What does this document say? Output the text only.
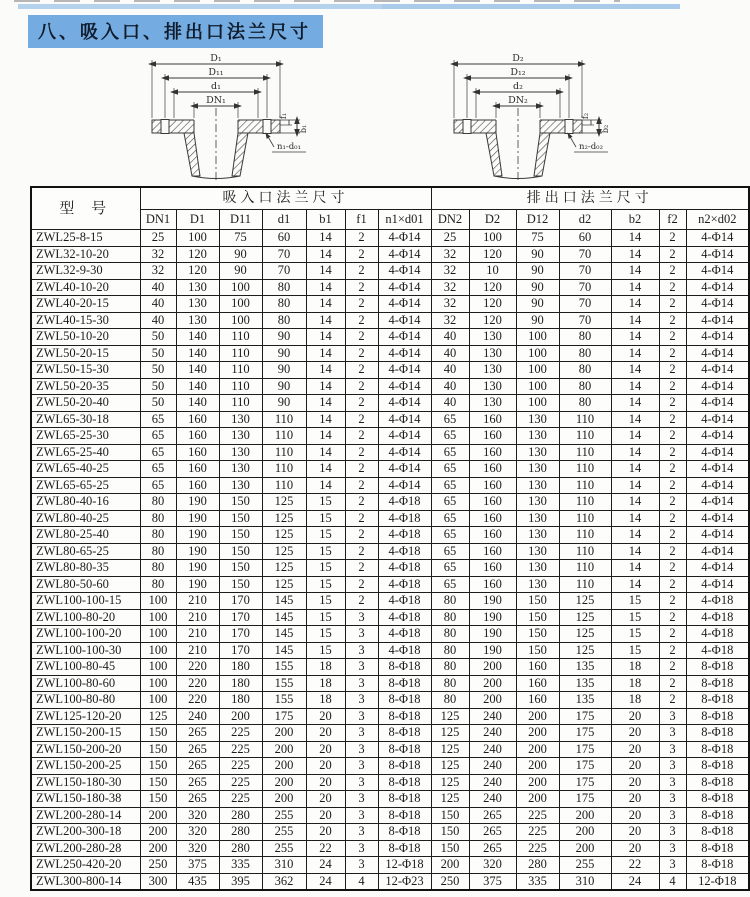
八、吸入口、排出口法兰尺寸
D₁
D₁₁
d₁
DN₁
f₁
b₁
n₁-d₀₁
D₂
D₁₂
d₂
DN₂
f₂
b₂
n₂-d₀₂
型 号	吸入口法兰尺寸							排出口法兰尺寸						
	DN1	D1	D11	d1	b1	f1	n1×d01	DN2	D2	D12	d2	b2	f2	n2×d02
ZWL25-8-15	25	100	75	60	14	2	4-Φ14	25	100	75	60	14	2	4-Φ14
ZWL32-10-20	32	120	90	70	14	2	4-Φ14	32	120	90	70	14	2	4-Φ14
ZWL32-9-30	32	120	90	70	14	2	4-Φ14	32	10	90	70	14	2	4-Φ14
ZWL40-10-20	40	130	100	80	14	2	4-Φ14	32	120	90	70	14	2	4-Φ14
ZWL40-20-15	40	130	100	80	14	2	4-Φ14	32	120	90	70	14	2	4-Φ14
ZWL40-15-30	40	130	100	80	14	2	4-Φ14	32	120	90	70	14	2	4-Φ14
ZWL50-10-20	50	140	110	90	14	2	4-Φ14	40	130	100	80	14	2	4-Φ14
ZWL50-20-15	50	140	110	90	14	2	4-Φ14	40	130	100	80	14	2	4-Φ14
ZWL50-15-30	50	140	110	90	14	2	4-Φ14	40	130	100	80	14	2	4-Φ14
ZWL50-20-35	50	140	110	90	14	2	4-Φ14	40	130	100	80	14	2	4-Φ14
ZWL50-20-40	50	140	110	90	14	2	4-Φ14	40	130	100	80	14	2	4-Φ14
ZWL65-30-18	65	160	130	110	14	2	4-Φ14	65	160	130	110	14	2	4-Φ14
ZWL65-25-30	65	160	130	110	14	2	4-Φ14	65	160	130	110	14	2	4-Φ14
ZWL65-25-40	65	160	130	110	14	2	4-Φ14	65	160	130	110	14	2	4-Φ14
ZWL65-40-25	65	160	130	110	14	2	4-Φ14	65	160	130	110	14	2	4-Φ14
ZWL65-65-25	65	160	130	110	14	2	4-Φ14	65	160	130	110	14	2	4-Φ14
ZWL80-40-16	80	190	150	125	15	2	4-Φ18	65	160	130	110	14	2	4-Φ14
ZWL80-40-25	80	190	150	125	15	2	4-Φ18	65	160	130	110	14	2	4-Φ14
ZWL80-25-40	80	190	150	125	15	2	4-Φ18	65	160	130	110	14	2	4-Φ14
ZWL80-65-25	80	190	150	125	15	2	4-Φ18	65	160	130	110	14	2	4-Φ14
ZWL80-80-35	80	190	150	125	15	2	4-Φ18	65	160	130	110	14	2	4-Φ14
ZWL80-50-60	80	190	150	125	15	2	4-Φ18	65	160	130	110	14	2	4-Φ14
ZWL100-100-15	100	210	170	145	15	2	4-Φ18	80	190	150	125	15	2	4-Φ18
ZWL100-80-20	100	210	170	145	15	3	4-Φ18	80	190	150	125	15	2	4-Φ18
ZWL100-100-20	100	210	170	145	15	3	4-Φ18	80	190	150	125	15	2	4-Φ18
ZWL100-100-30	100	210	170	145	15	3	4-Φ18	80	190	150	125	15	2	4-Φ18
ZWL100-80-45	100	220	180	155	18	3	8-Φ18	80	200	160	135	18	2	8-Φ18
ZWL100-80-60	100	220	180	155	18	3	8-Φ18	80	200	160	135	18	2	8-Φ18
ZWL100-80-80	100	220	180	155	18	3	8-Φ18	80	200	160	135	18	2	8-Φ18
ZWL125-120-20	125	240	200	175	20	3	8-Φ18	125	240	200	175	20	3	8-Φ18
ZWL150-200-15	150	265	225	200	20	3	8-Φ18	125	240	200	175	20	3	8-Φ18
ZWL150-200-20	150	265	225	200	20	3	8-Φ18	125	240	200	175	20	3	8-Φ18
ZWL150-200-25	150	265	225	200	20	3	8-Φ18	125	240	200	175	20	3	8-Φ18
ZWL150-180-30	150	265	225	200	20	3	8-Φ18	125	240	200	175	20	3	8-Φ18
ZWL150-180-38	150	265	225	200	20	3	8-Φ18	125	240	200	175	20	3	8-Φ18
ZWL200-280-14	200	320	280	255	20	3	8-Φ18	150	265	225	200	20	3	8-Φ18
ZWL200-300-18	200	320	280	255	20	3	8-Φ18	150	265	225	200	20	3	8-Φ18
ZWL200-280-28	200	320	280	255	22	3	8-Φ18	150	265	225	200	20	3	8-Φ18
ZWL250-420-20	250	375	335	310	24	3	12-Φ18	200	320	280	255	22	3	8-Φ18
ZWL300-800-14	300	435	395	362	24	4	12-Φ23	250	375	335	310	24	4	12-Φ18
